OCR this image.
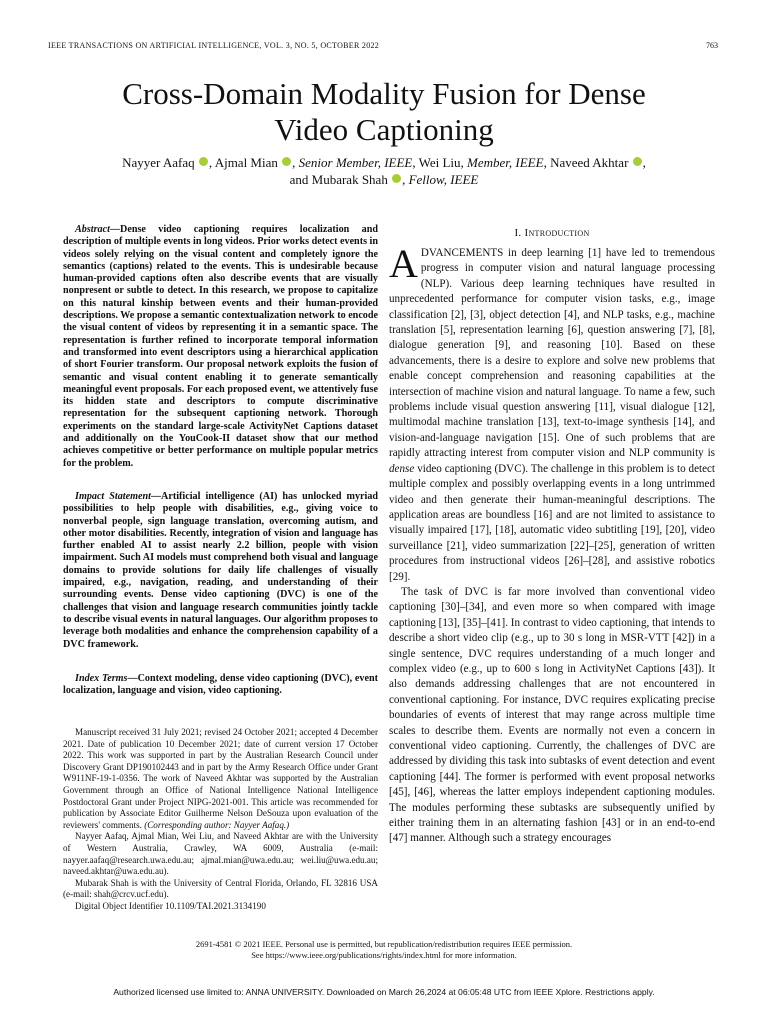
IEEE TRANSACTIONS ON ARTIFICIAL INTELLIGENCE, VOL. 3, NO. 5, OCTOBER 2022	763
Cross-Domain Modality Fusion for Dense
Video Captioning
Nayyer Aafaq , Ajmal Mian , Senior Member, IEEE, Wei Liu, Member, IEEE, Naveed Akhtar ,
and Mubarak Shah , Fellow, IEEE

Abstract—Dense video captioning requires localization and description of multiple events in long videos. Prior works detect events in videos solely relying on the visual content and completely ignore the semantics (captions) related to the events. This is undesirable because human-provided captions often also describe events that are visually nonpresent or subtle to detect. In this research, we propose to capitalize on this natural kinship between events and their human-provided descriptions. We propose a semantic contextualization network to encode the visual content of videos by representing it in a semantic space. The representation is further refined to incorporate temporal information and transformed into event descriptors using a hierarchical application of short Fourier transform. Our proposal network exploits the fusion of semantic and visual content enabling it to generate semantically meaningful event proposals. For each proposed event, we attentively fuse its hidden state and descriptors to compute discriminative representation for the subsequent captioning network. Thorough experiments on the standard large-scale ActivityNet Captions dataset and additionally on the YouCook-II dataset show that our method achieves competitive or better performance on multiple popular metrics for the problem.

Impact Statement—Artificial intelligence (AI) has unlocked myriad possibilities to help people with disabilities, e.g., giving voice to nonverbal people, sign language translation, overcoming autism, and other motor disabilities. Recently, integration of vision and language has further enabled AI to assist nearly 2.2 billion, people with vision impairment. Such AI models must comprehend both visual and language domains to provide solutions for daily life challenges of visually impaired, e.g., navigation, reading, and understanding of their surrounding events. Dense video captioning (DVC) is one of the challenges that vision and language research communities jointly tackle to describe visual events in natural languages. Our algorithm proposes to leverage both modalities and enhance the comprehension capability of a DVC framework.

Index Terms—Context modeling, dense video captioning (DVC), event localization, language and vision, video captioning.

Manuscript received 31 July 2021; revised 24 October 2021; accepted 4 December 2021. Date of publication 10 December 2021; date of current version 17 October 2022. This work was supported in part by the Australian Research Council under Discovery Grant DP190102443 and in part by the Army Research Office under Grant W911NF-19-1-0356. The work of Naveed Akhtar was supported by the Australian Government through an Office of National Intelligence National Intelligence Postdoctoral Grant under Project NIPG-2021-001. This article was recommended for publication by Associate Editor Guilherme Nelson DeSouza upon evaluation of the reviewers' comments. (Corresponding author: Nayyer Aafaq.)

Nayyer Aafaq, Ajmal Mian, Wei Liu, and Naveed Akhtar are with the University of Western Australia, Crawley, WA 6009, Australia (e-mail: nayyer.aafaq@research.uwa.edu.au; ajmal.mian@uwa.edu.au; wei.liu@uwa.edu.au; naveed.akhtar@uwa.edu.au).

Mubarak Shah is with the University of Central Florida, Orlando, FL 32816 USA (e-mail: shah@crcv.ucf.edu).

Digital Object Identifier 10.1109/TAI.2021.3134190

I. Introduction

ADVANCEMENTS in deep learning [1] have led to tremendous progress in computer vision and natural language processing (NLP). Various deep learning techniques have resulted in unprecedented performance for computer vision tasks, e.g., image classification [2], [3], object detection [4], and NLP tasks, e.g., machine translation [5], representation learning [6], question answering [7], [8], dialogue generation [9], and reasoning [10]. Based on these advancements, there is a desire to explore and solve new problems that enable concept comprehension and reasoning capabilities at the intersection of machine vision and natural language. To name a few, such problems include visual question answering [11], visual dialogue [12], multimodal machine translation [13], text-to-image synthesis [14], and vision-and-language navigation [15]. One of such problems that are rapidly attracting interest from computer vision and NLP community is dense video captioning (DVC). The challenge in this problem is to detect multiple complex and possibly overlapping events in a long untrimmed video and then generate their human-meaningful descriptions. The application areas are boundless [16] and are not limited to assistance to visually impaired [17], [18], automatic video subtitling [19], [20], video surveillance [21], video summarization [22]–[25], generation of written procedures from instructional videos [26]–[28], and assistive robotics [29].

The task of DVC is far more involved than conventional video captioning [30]–[34], and even more so when compared with image captioning [13], [35]–[41]. In contrast to video captioning, that intends to describe a short video clip (e.g., up to 30 s long in MSR-VTT [42]) in a single sentence, DVC requires understanding of a much longer and complex video (e.g., up to 600 s long in ActivityNet Captions [43]). It also demands addressing challenges that are not encountered in conventional captioning. For instance, DVC requires explicating precise boundaries of events of interest that may range across multiple time scales to describe them. Events are normally not even a concern in conventional video captioning. Currently, the challenges of DVC are addressed by dividing this task into subtasks of event detection and event captioning [44]. The former is performed with event proposal networks [45], [46], whereas the latter employs independent captioning modules. The modules performing these subtasks are subsequently unified by either training them in an alternating fashion [43] or in an end-to-end [47] manner. Although such a strategy encourages

2691-4581 © 2021 IEEE. Personal use is permitted, but republication/redistribution requires IEEE permission.
See https://www.ieee.org/publications/rights/index.html for more information.
Authorized licensed use limited to: ANNA UNIVERSITY. Downloaded on March 26,2024 at 06:05:48 UTC from IEEE Xplore. Restrictions apply.
